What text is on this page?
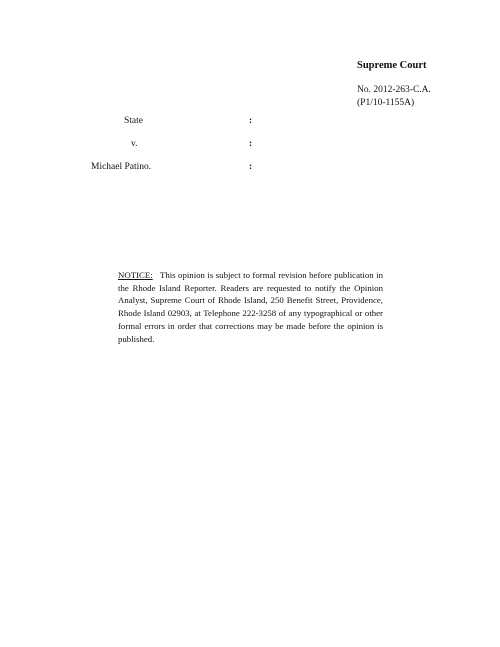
Supreme Court
No. 2012-263-C.A.
(P1/10-1155A)
State	:
v.	:
Michael Patino.	:
NOTICE: This opinion is subject to formal revision before publication in the Rhode Island Reporter. Readers are requested to notify the Opinion Analyst, Supreme Court of Rhode Island, 250 Benefit Street, Providence, Rhode Island 02903, at Telephone 222-3258 of any typographical or other formal errors in order that corrections may be made before the opinion is published.
